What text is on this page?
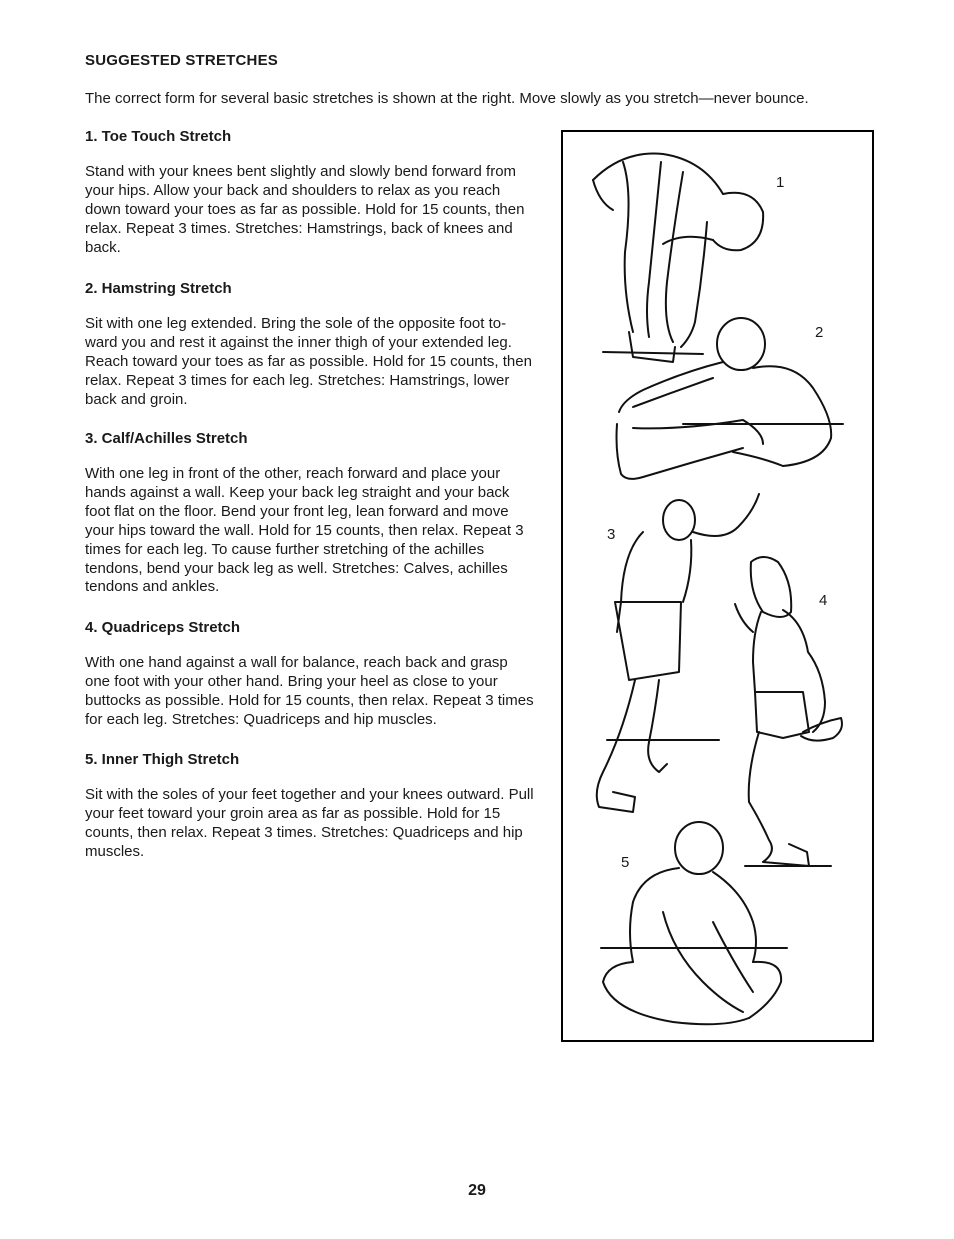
SUGGESTED STRETCHES
The correct form for several basic stretches is shown at the right. Move slowly as you stretch—never bounce.
1. Toe Touch Stretch

Stand with your knees bent slightly and slowly bend forward from your hips. Allow your back and shoulders to relax as you reach down toward your toes as far as possible. Hold for 15 counts, then relax. Repeat 3 times. Stretches: Hamstrings, back of knees and back.

2. Hamstring Stretch

Sit with one leg extended. Bring the sole of the opposite foot to-ward you and rest it against the inner thigh of your extended leg. Reach toward your toes as far as possible. Hold for 15 counts, then relax. Repeat 3 times for each leg. Stretches: Hamstrings, lower back and groin.

3. Calf/Achilles Stretch

With one leg in front of the other, reach forward and place your hands against a wall. Keep your back leg straight and your back foot flat on the floor. Bend your front leg, lean forward and move your hips toward the wall. Hold for 15 counts, then relax. Repeat 3 times for each leg. To cause further stretching of the achilles tendons, bend your back leg as well. Stretches: Calves, achilles tendons and ankles.

4. Quadriceps Stretch

With one hand against a wall for balance, reach back and grasp one foot with your other hand. Bring your heel as close to your buttocks as possible. Hold for 15 counts, then relax. Repeat 3 times for each leg. Stretches: Quadriceps and hip muscles.

5. Inner Thigh Stretch

Sit with the soles of your feet together and your knees outward. Pull your feet toward your groin area as far as possible. Hold for 15 counts, then relax. Repeat 3 times. Stretches: Quadriceps and hip muscles.

1
2
3
4
5
29
